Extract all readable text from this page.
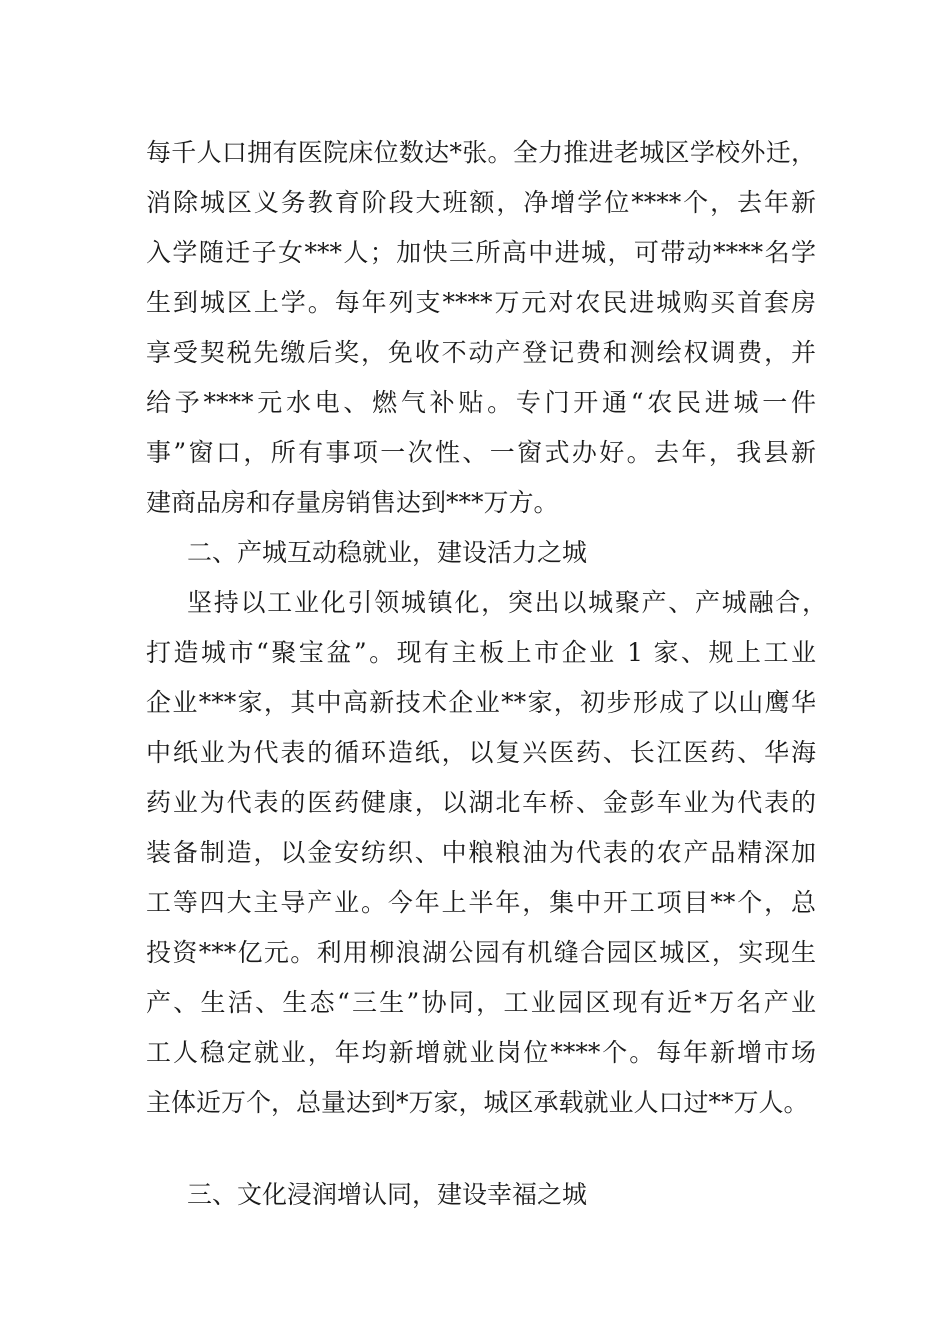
每千人口拥有医院床位数达*张。全力推进老城区学校外迁，
消除城区义务教育阶段大班额，净增学位****个，去年新
入学随迁子女***人；加快三所高中进城，可带动****名学
生到城区上学。每年列支****万元对农民进城购买首套房
享受契税先缴后奖，免收不动产登记费和测绘权调费，并
给予****元水电、燃气补贴。专门开通“农民进城一件
事”窗口，所有事项一次性、一窗式办好。去年，我县新
建商品房和存量房销售达到***万方。
二、产城互动稳就业，建设活力之城
坚持以工业化引领城镇化，突出以城聚产、产城融合，
打造城市“聚宝盆”。现有主板上市企业 1 家、规上工业
企业***家，其中高新技术企业**家，初步形成了以山鹰华
中纸业为代表的循环造纸，以复兴医药、长江医药、华海
药业为代表的医药健康，以湖北车桥、金彭车业为代表的
装备制造，以金安纺织、中粮粮油为代表的农产品精深加
工等四大主导产业。今年上半年，集中开工项目**个，总
投资***亿元。利用柳浪湖公园有机缝合园区城区，实现生
产、生活、生态“三生”协同，工业园区现有近*万名产业
工人稳定就业，年均新增就业岗位****个。每年新增市场
主体近万个，总量达到*万家，城区承载就业人口过**万人。
三、文化浸润增认同，建设幸福之城
